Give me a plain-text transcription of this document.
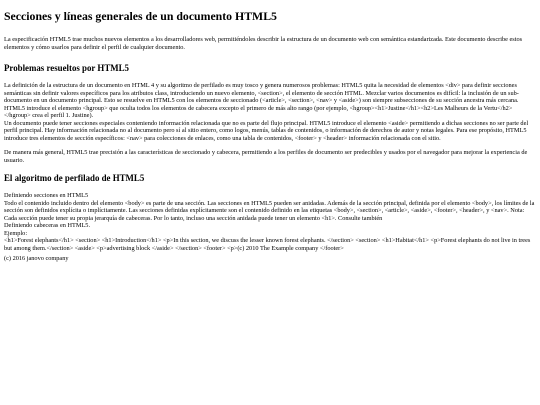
Secciones y líneas generales de un documento HTML5

La especificación HTML5 trae muchos nuevos elementos a los desarrolladores web, permitiéndoles describir la estructura de un documento web con semántica estandarizada. Este documento describe estos elementos y cómo usarlos para definir el perfil de cualquier documento.

Problemas resueltos por HTML5

La definición de la estructura de un documento en HTML 4 y su algoritmo de perfilado es muy tosco y genera numerosos problemas: HTML5 quita la necesidad de elementos <div> para definir secciones semánticas sin definir valores específicos para los atributos class, introduciendo un nuevo elemento, <section>, el elemento de sección HTML. Mezclar varios documentos es difícil: la inclusión de un sub-documento en un documento principal. Esto se resuelve en HTML5 con los elementos de seccionado (<article>, <section>, <nav> y <aside>) son siempre subsecciones de su sección ancestra más cercana. HTML5 introduce el elemento <hgroup> que oculta todos los elementos de cabecera excepto el primero de más alto rango (por ejemplo, <hgroup><h1>Justine</h1><h2>Les Malheurs de la Vertu</h2></hgroup> crea el perfil 1. Justine).

Un documento puede tener secciones especiales conteniendo información relacionada que no es parte del flujo principal. HTML5 introduce el elemento <aside> permitiendo a dichas secciones no ser parte del perfil principal. Hay información relacionada no al documento pero sí al sitio entero, como logos, menús, tablas de contenidos, o información de derechos de autor y notas legales. Para ese propósito, HTML5 introduce tres elementos de sección específicos: <nav> para colecciones de enlaces, como una tabla de contenidos, <footer> y <header> información relacionada con el sitio.

De manera más general, HTML5 trae precisión a las características de seccionado y cabecera, permitiendo a los perfiles de documento ser predecibles y usados por el navegador para mejorar la experiencia de usuario.

El algoritmo de perfilado de HTML5
Definiendo secciones en HTML5
Todo el contenido incluido dentro del elemento <body> es parte de una sección. Las secciones en HTML5 pueden ser anidadas. Además de la sección principal, definida por el elemento <body>, los límites de la sección son definidos explícita o implícitamente. Las secciones definidas explícitamente son el contenido definido en las etiquetas <body>, <section>, <article>, <aside>, <footer>, <header>, y <nav>. Nota: Cada sección puede tener su propia jerarquía de cabeceras. Por lo tanto, incluso una sección anidada puede tener un elemento <h1>. Consulte también
Definiendo cabeceras en HTML5.
Ejemplo:
<h1>Forest elephants</h1> <section> <h1>Introduction</h1> <p>In this section, we discuss the lesser known forest elephants. </section> <section> <h1>Habitat</h1> <p>Forest elephants do not live in trees but among them.</section> <aside> <p>advertising block </aside> </section> <footer> <p>(c) 2010 The Example company </footer>
(c) 2016 janovo company
